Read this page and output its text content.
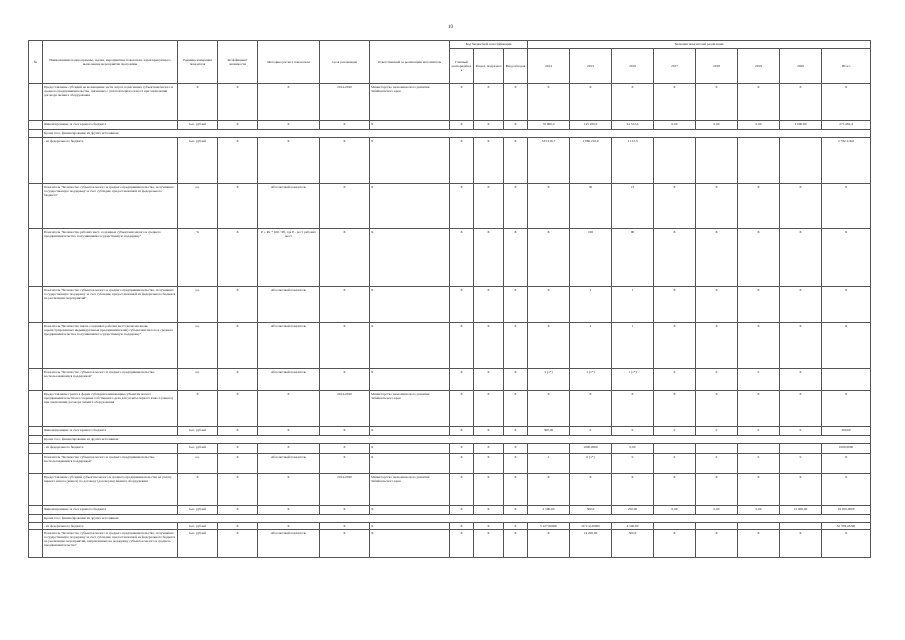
10
№	Наименование подпрограммы, задачи, мероприятия, показателя, характеризующего выполнение мероприятия программы	Единица измерения показателя	Коэффициент значимости	Методика расчета показателя	Срок реализации	Ответственный за реализацию исполнитель	Код бюджетной классификации			Значения показателей реализации							
							Главный распорядитель	Раздел, подраздел	Вид расходов	2014	2015	2016	2017	2018	2019	2020	Итого
	Предоставление субсидий на возмещение части затрат, понесенных субъектами малого и среднего предпринимательства, связанных с уплатой первого взноса при заключении договора лизинга оборудования	Х	Х	Х	2014-2020	Министерство экономического развития Забайкальского края	Х	Х	Х	Х	Х	Х	Х	Х	Х	Х	Х
	Финансирование за счет краевого бюджета	тыс. рублей	Х	Х	Х	Х	Х	Х	Х	70 000,0	145 200,0	61 512,4	0,00	0,00	0,00	2 000,00	271 482,4
	Кроме того, финансирование из других источников:																
	- из федерального бюджета	тыс. рублей	Х	Х	Х	Х	Х	Х	Х	535 016,7	1 960 210,0	1 112,3					2 782 216,0
	Показатель "Количество субъектов малого и среднего предпринимательства, получивших государственную поддержку за счет субсидии, предоставленной из федерального бюджета"	ед.	Х	Абсолютный показатель	Х	Х	Х	Х	Х	Х	30	15	Х	Х	Х	Х	Х
	Показатель "Количество рабочих мест, созданных субъектами малого и среднего предпринимательства, получившими государственную поддержку"	%	Х	Р = Рн * 100 / Рб, где Р - рост рабочих мест	Х	Х	Х	Х	Х	Х	100	90	Х	Х	Х	Х	Х
	Показатель "Количество субъектов малого и среднего предпринимательства, получивших государственную поддержку за счет субсидии, предоставленной из федерального бюджета на реализацию мероприятий"	ед.	Х	Абсолютный показатель	Х	Х	Х	Х	Х	Х	2	1	Х	Х	Х	Х	Х
	Показатель "Количество вновь созданных рабочих мест (включая вновь зарегистрированных индивидуальных предпринимателей) субъектами малого и среднего предпринимательства, получившими государственную поддержку"	ед.	Х	Абсолютный показатель	Х	Х	Х	Х	Х	Х	2	1	Х	Х	Х	Х	Х
	Показатель "Количество субъектов малого и среднего предпринимательства, воспользовавшихся поддержкой"	ед.	Х	Абсолютный показатель	Х	Х	Х	Х	Х	5 (1*)	1 (1*)	1 (1*)	0	0	0	Х	
	Предоставление гранта в форме субсидии начинающим субъектам малого предпринимательства на создание собственного дела для уплаты первого взноса (аванса) при заключении договора лизинга оборудования	Х	Х	Х	2014-2020	Министерство экономического развития Забайкальского края	Х	Х	Х	Х	Х	Х	Х	Х	Х	Х	Х
	Финансирование за счет краевого бюджета	тыс. рублей	Х	Х	Х	Х	Х	Х	Х	300,00	0	0	0	0	0	0	300,00
	Кроме того, финансирование из других источников:																
	- из федерального бюджета	тыс. рублей	Х	Х	Х	Х	Х	Х	Х		1000,0000	0,00					1000,0000
	Показатель "Количество субъектов малого и среднего предпринимательства, воспользовавшихся поддержкой"	ед.	Х	Абсолютный показатель	Х	Х	Х	Х	Х	1	6 (1*)	0	0	0	0	0	Х
	Предоставление субсидий субъектам малого и среднего предпринимательства на уплату первого взноса (аванса) по договору (договорам) лизинга оборудования	Х	Х	Х	2014-2020	Министерство экономического развития Забайкальского края	Х	Х	Х	Х	Х	Х	Х	Х	Х	Х	Х
	Финансирование за счет краевого бюджета	тыс. рублей	Х	Х	Х	Х	Х	Х	Х	2 500,00	300,0	250,00	0,00	0,00	0,00	15 000,00	19 050,0000
	Кроме того, финансирование из других источников:																
	- из федерального бюджета	тыс. рублей	Х	Х	Х	Х	Х	Х	Х	5 227,00000	20 512,20000	4 590,00					32 339,43200
	Показатель "Количество субъектов малого и среднего предпринимательства, получивших государственную поддержку за счет субсидии, предоставленной из федерального бюджета на реализацию мероприятий, направленных на поддержку субъектов малого и среднего предпринимательства"	тыс. рублей	Х	Абсолютный показатель	Х	Х	Х	Х	Х	Х	14 220,00	500,0	Х	Х	Х	Х	Х
